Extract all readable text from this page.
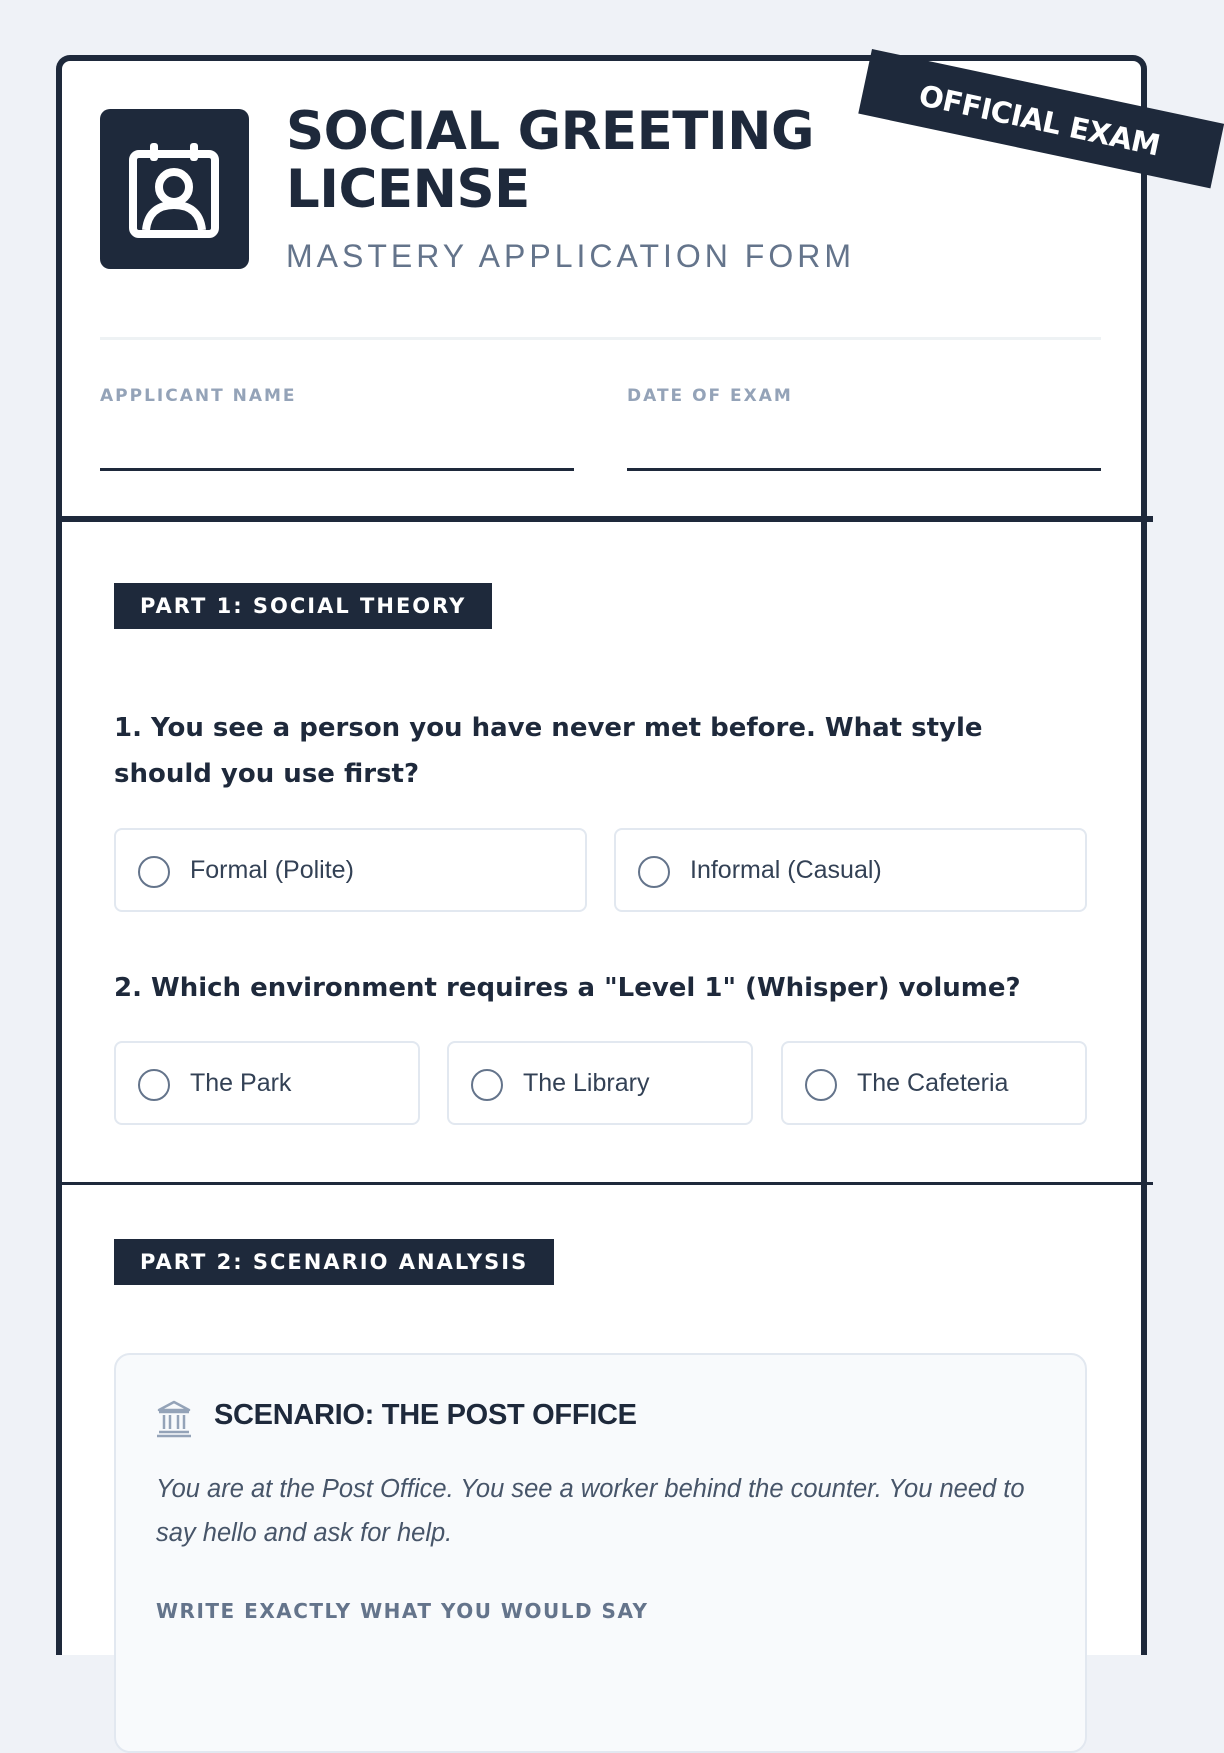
OFFICIAL EXAM
SOCIAL GREETING LICENSE
MASTERY APPLICATION FORM
APPLICANT NAME	DATE OF EXAM
PART 1: SOCIAL THEORY
1. You see a person you have never met before. What style should you use first?
Formal (Polite)	Informal (Casual)
2. Which environment requires a "Level 1" (Whisper) volume?
The Park	The Library	The Cafeteria
PART 2: SCENARIO ANALYSIS
SCENARIO: THE POST OFFICE
You are at the Post Office. You see a worker behind the counter. You need to say hello and ask for help.
WRITE EXACTLY WHAT YOU WOULD SAY
